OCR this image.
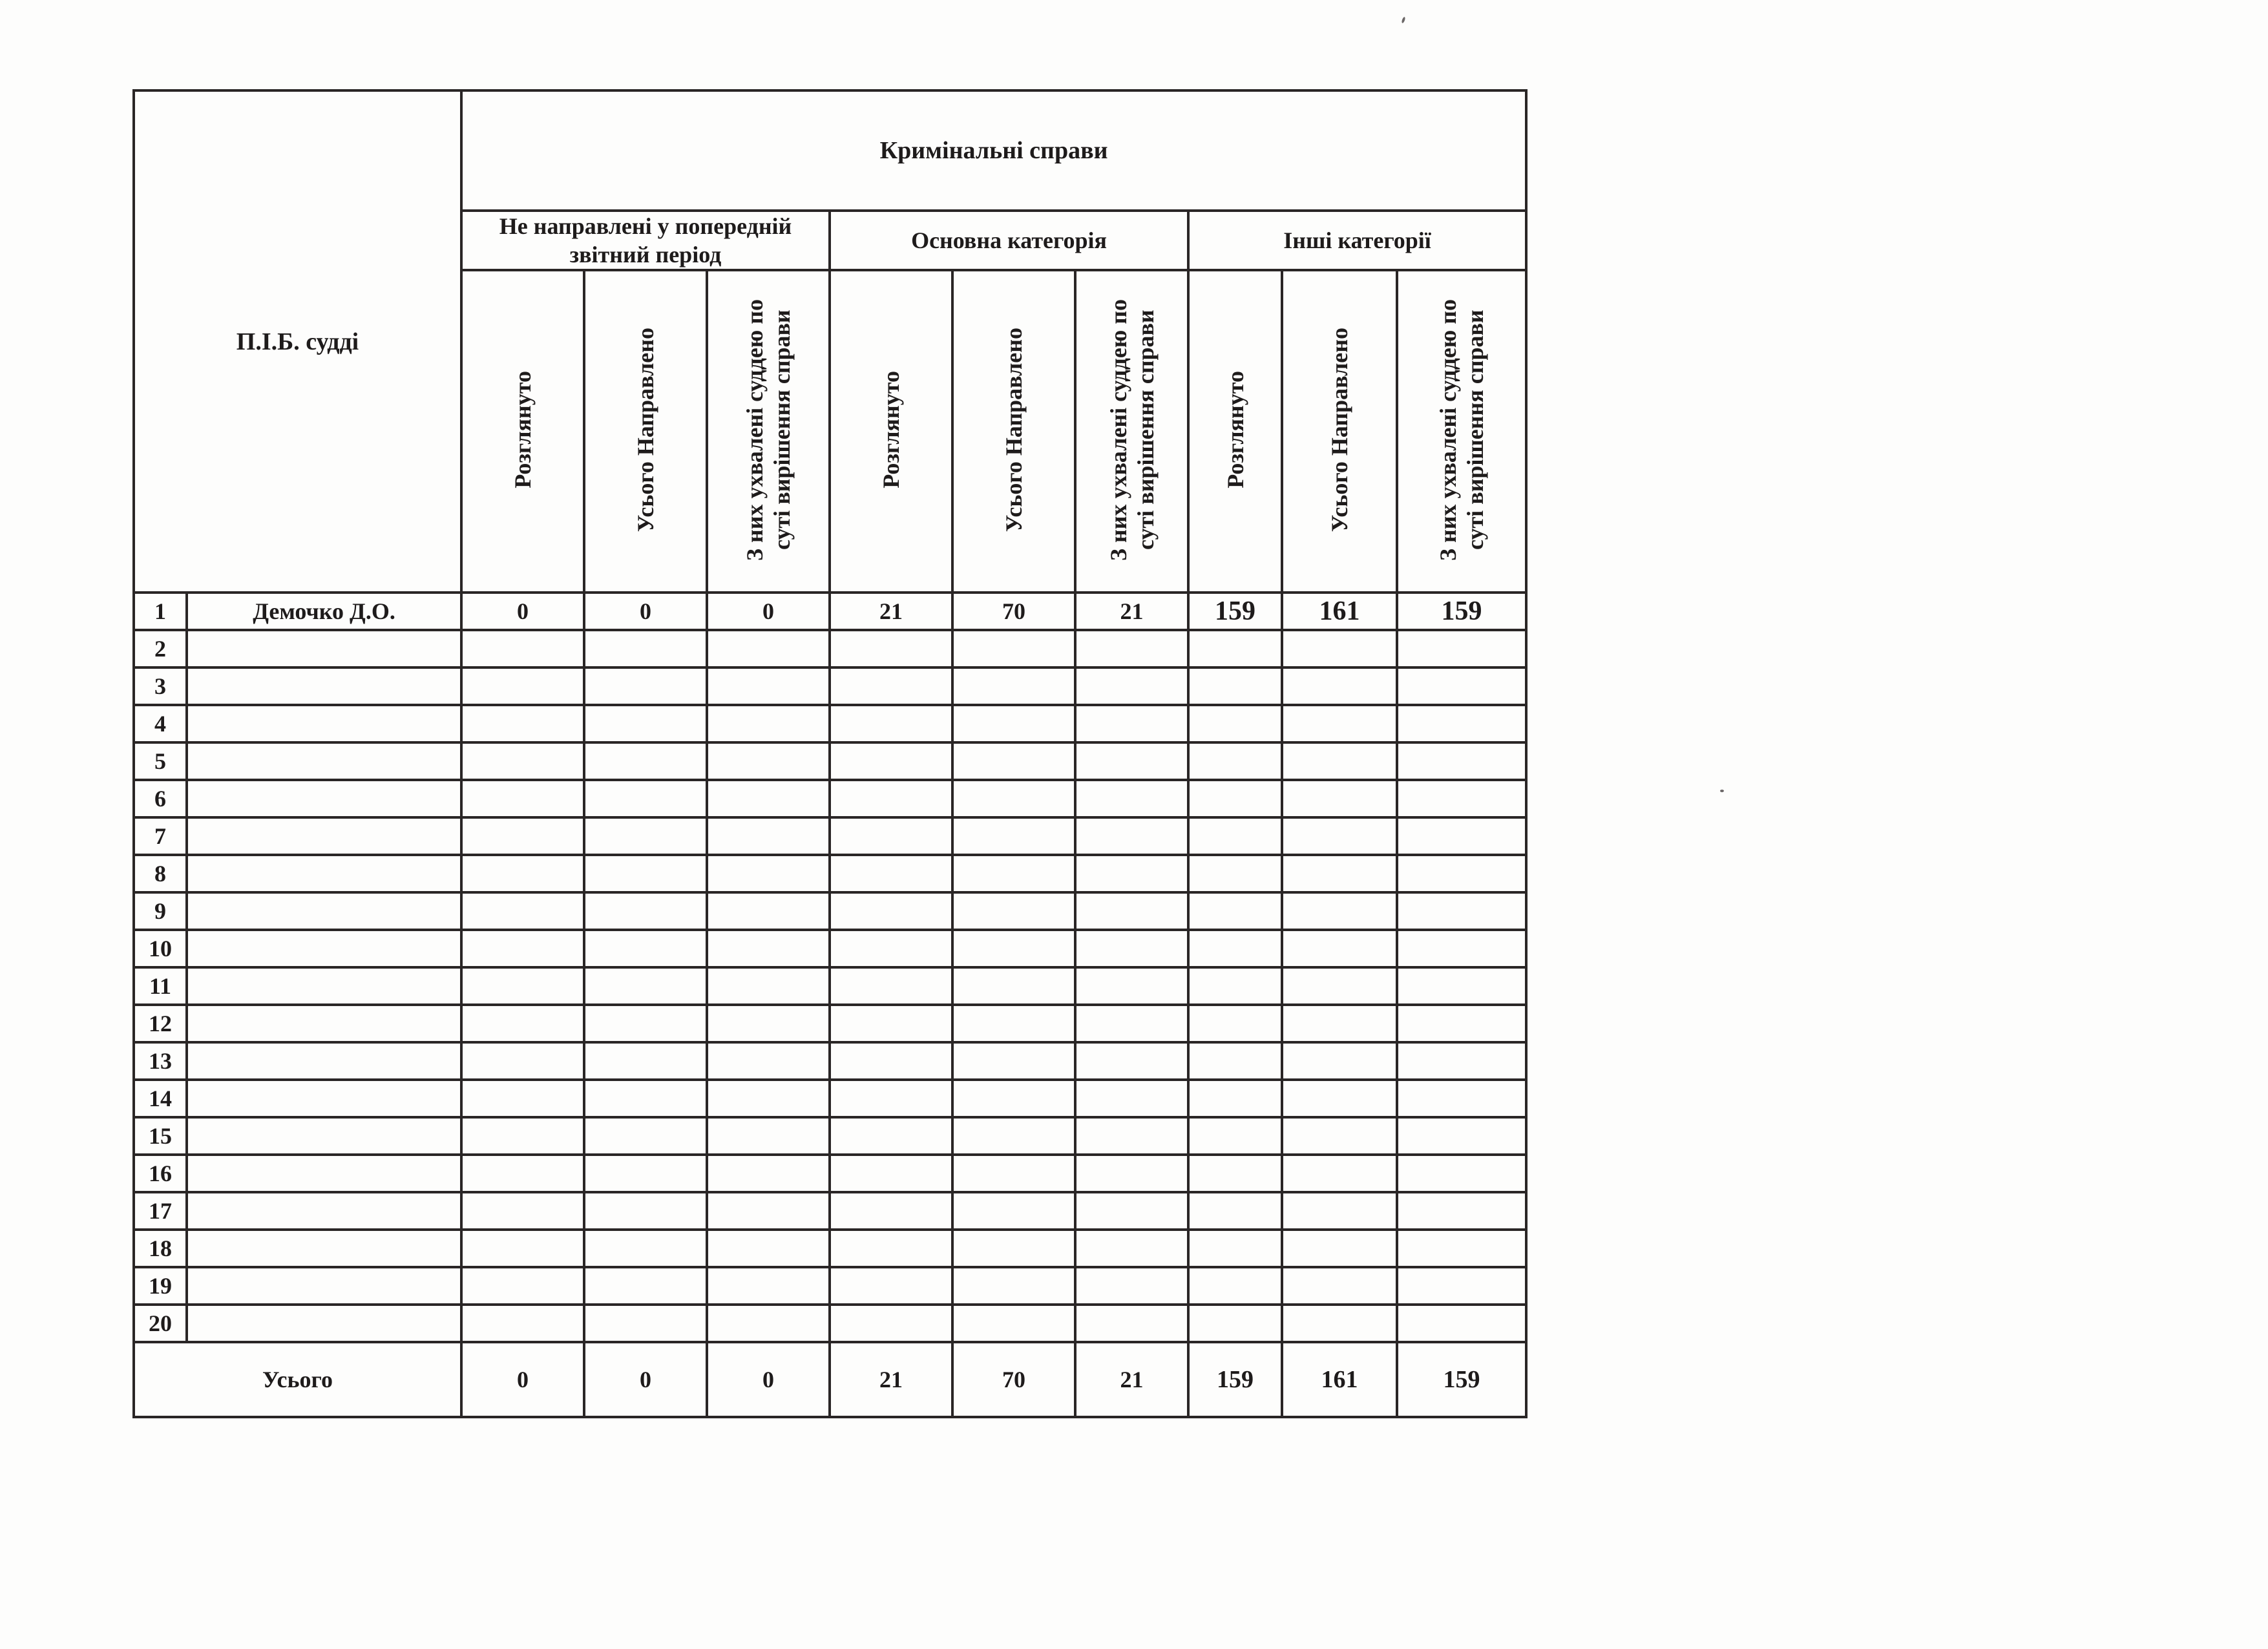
П.І.Б. судді		Кримінальні справи								
		Не направлені у попередній звітний період			Основна категорія			Інші категорії		
		Розглянуто	Усього Направлено	З них ухвалені суддею по суті вирішення справи	Розглянуто	Усього Направлено	З них ухвалені суддею по суті вирішення справи	Розглянуто	Усього Направлено	З них ухвалені суддею по суті вирішення справи
1	Демочко Д.О.	0	0	0	21	70	21	159	161	159
2										
3										
4										
5										
6										
7										
8										
9										
10										
11										
12										
13										
14										
15										
16										
17										
18										
19										
20										
Усього		0	0	0	21	70	21	159	161	159
